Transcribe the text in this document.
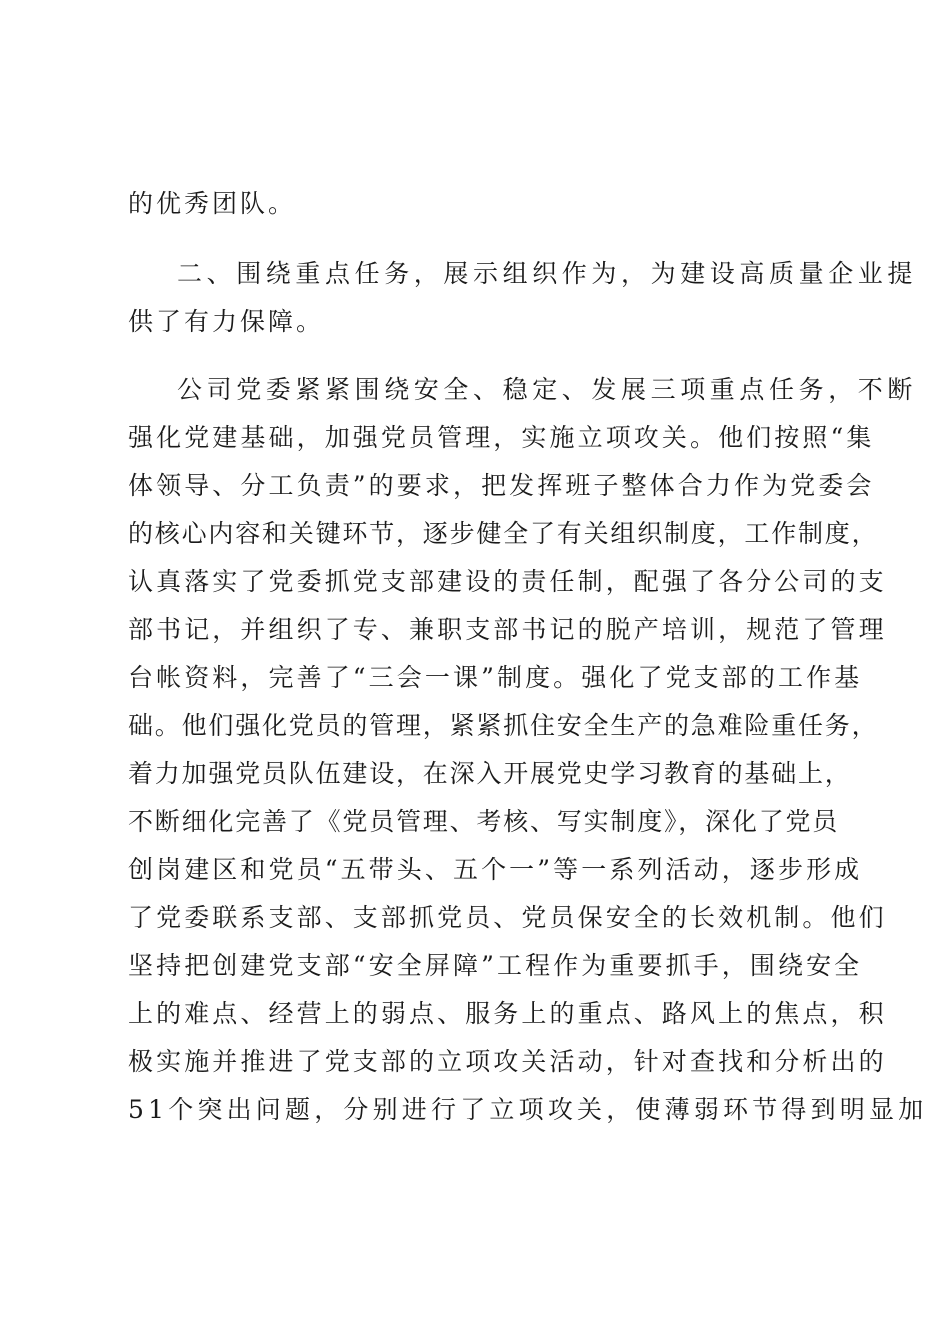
的优秀团队。
二、围绕重点任务，展示组织作为，为建设高质量企业提
供了有力保障。
公司党委紧紧围绕安全、稳定、发展三项重点任务，不断
强化党建基础，加强党员管理，实施立项攻关。他们按照“集
体领导、分工负责”的要求，把发挥班子整体合力作为党委会
的核心内容和关键环节，逐步健全了有关组织制度，工作制度，
认真落实了党委抓党支部建设的责任制，配强了各分公司的支
部书记，并组织了专、兼职支部书记的脱产培训，规范了管理
台帐资料，完善了“三会一课”制度。强化了党支部的工作基
础。他们强化党员的管理，紧紧抓住安全生产的急难险重任务，
着力加强党员队伍建设，在深入开展党史学习教育的基础上，
不断细化完善了《党员管理、考核、写实制度》，深化了党员
创岗建区和党员“五带头、五个一”等一系列活动，逐步形成
了党委联系支部、支部抓党员、党员保安全的长效机制。他们
坚持把创建党支部“安全屏障”工程作为重要抓手，围绕安全
上的难点、经营上的弱点、服务上的重点、路风上的焦点，积
极实施并推进了党支部的立项攻关活动，针对查找和分析出的
51个突出问题，分别进行了立项攻关，使薄弱环节得到明显加
